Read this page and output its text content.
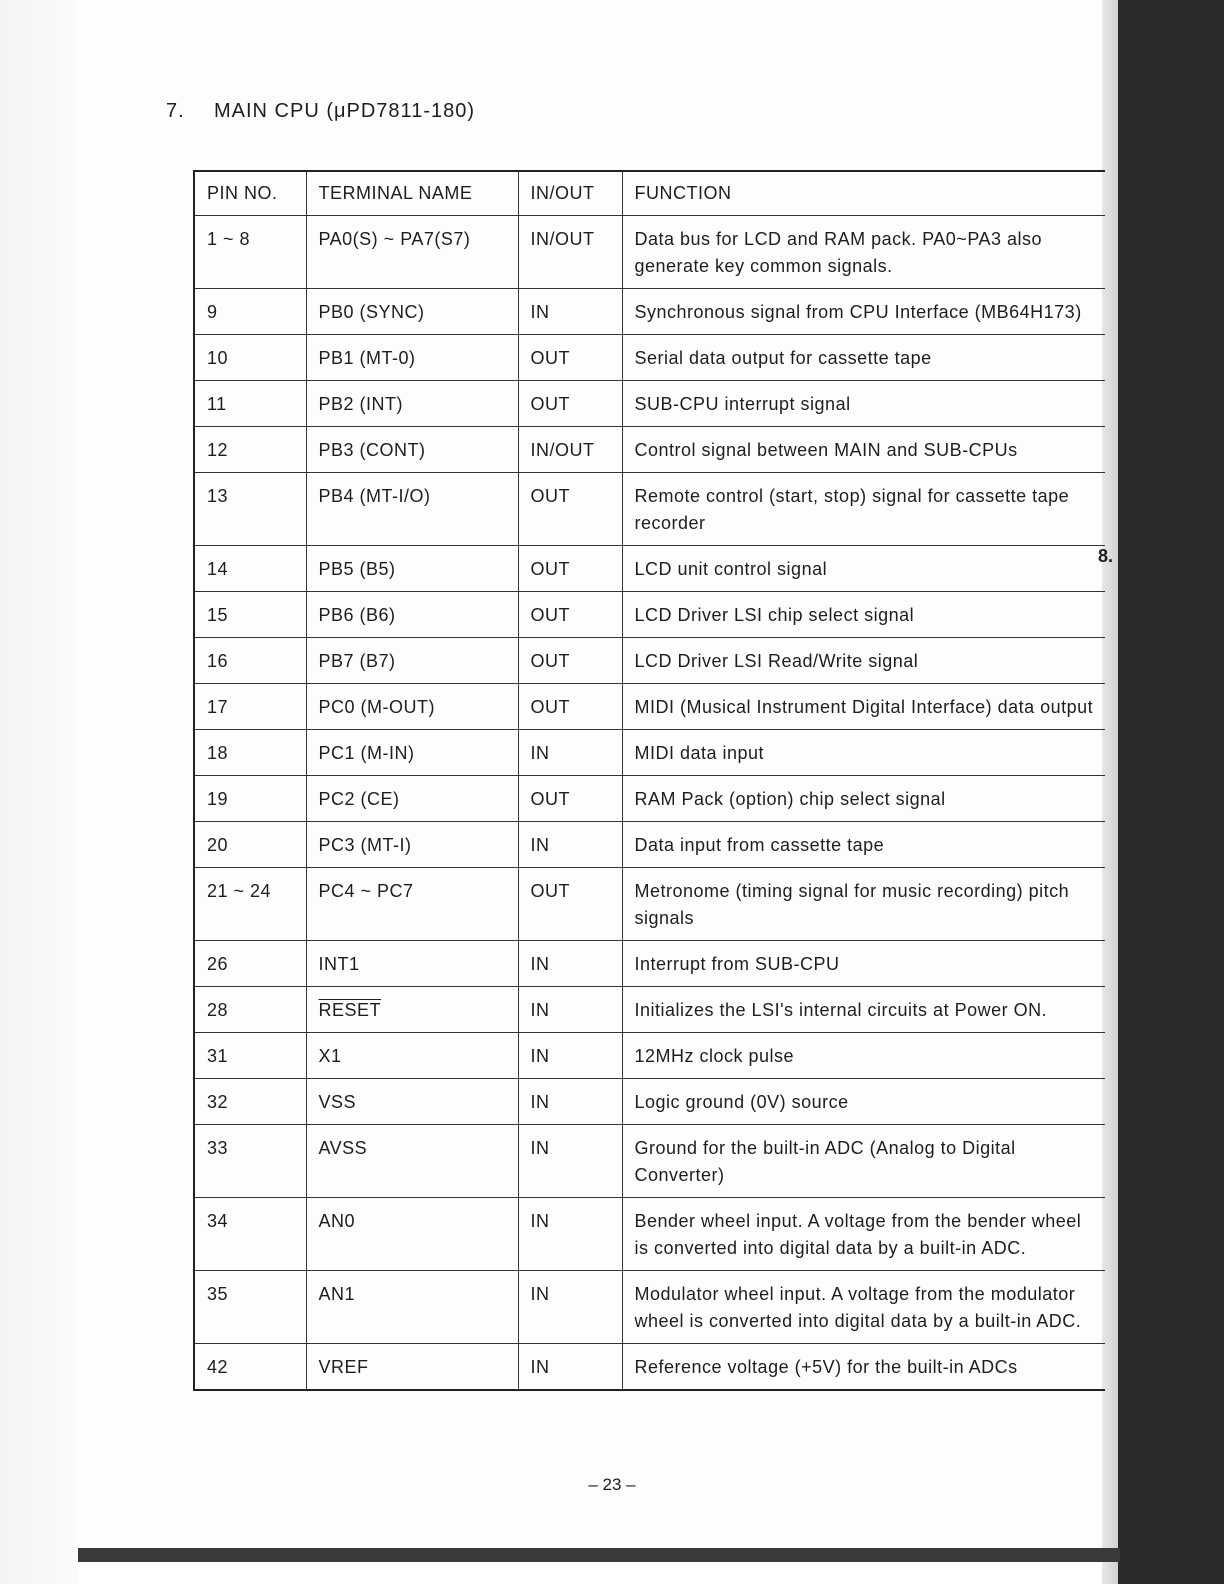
7. MAIN CPU (μPD7811-180)
8.
PIN NO.	TERMINAL NAME	IN/OUT	FUNCTION
1 ~ 8	PA0(S) ~ PA7(S7)	IN/OUT	Data bus for LCD and RAM pack. PA0~PA3 also generate key common signals.
9	PB0 (SYNC)	IN	Synchronous signal from CPU Interface (MB64H173)
10	PB1 (MT-0)	OUT	Serial data output for cassette tape
11	PB2 (INT)	OUT	SUB-CPU interrupt signal
12	PB3 (CONT)	IN/OUT	Control signal between MAIN and SUB-CPUs
13	PB4 (MT-I/O)	OUT	Remote control (start, stop) signal for cassette tape recorder
14	PB5 (B5)	OUT	LCD unit control signal
15	PB6 (B6)	OUT	LCD Driver LSI chip select signal
16	PB7 (B7)	OUT	LCD Driver LSI Read/Write signal
17	PC0 (M-OUT)	OUT	MIDI (Musical Instrument Digital Interface) data output
18	PC1 (M-IN)	IN	MIDI data input
19	PC2 (CE)	OUT	RAM Pack (option) chip select signal
20	PC3 (MT-I)	IN	Data input from cassette tape
21 ~ 24	PC4 ~ PC7	OUT	Metronome (timing signal for music recording) pitch signals
26	INT1	IN	Interrupt from SUB-CPU
28	RESET	IN	Initializes the LSI's internal circuits at Power ON.
31	X1	IN	12MHz clock pulse
32	VSS	IN	Logic ground (0V) source
33	AVSS	IN	Ground for the built-in ADC (Analog to Digital Converter)
34	AN0	IN	Bender wheel input. A voltage from the bender wheel is converted into digital data by a built-in ADC.
35	AN1	IN	Modulator wheel input. A voltage from the modulator wheel is converted into digital data by a built-in ADC.
42	VREF	IN	Reference voltage (+5V) for the built-in ADCs
– 23 –
